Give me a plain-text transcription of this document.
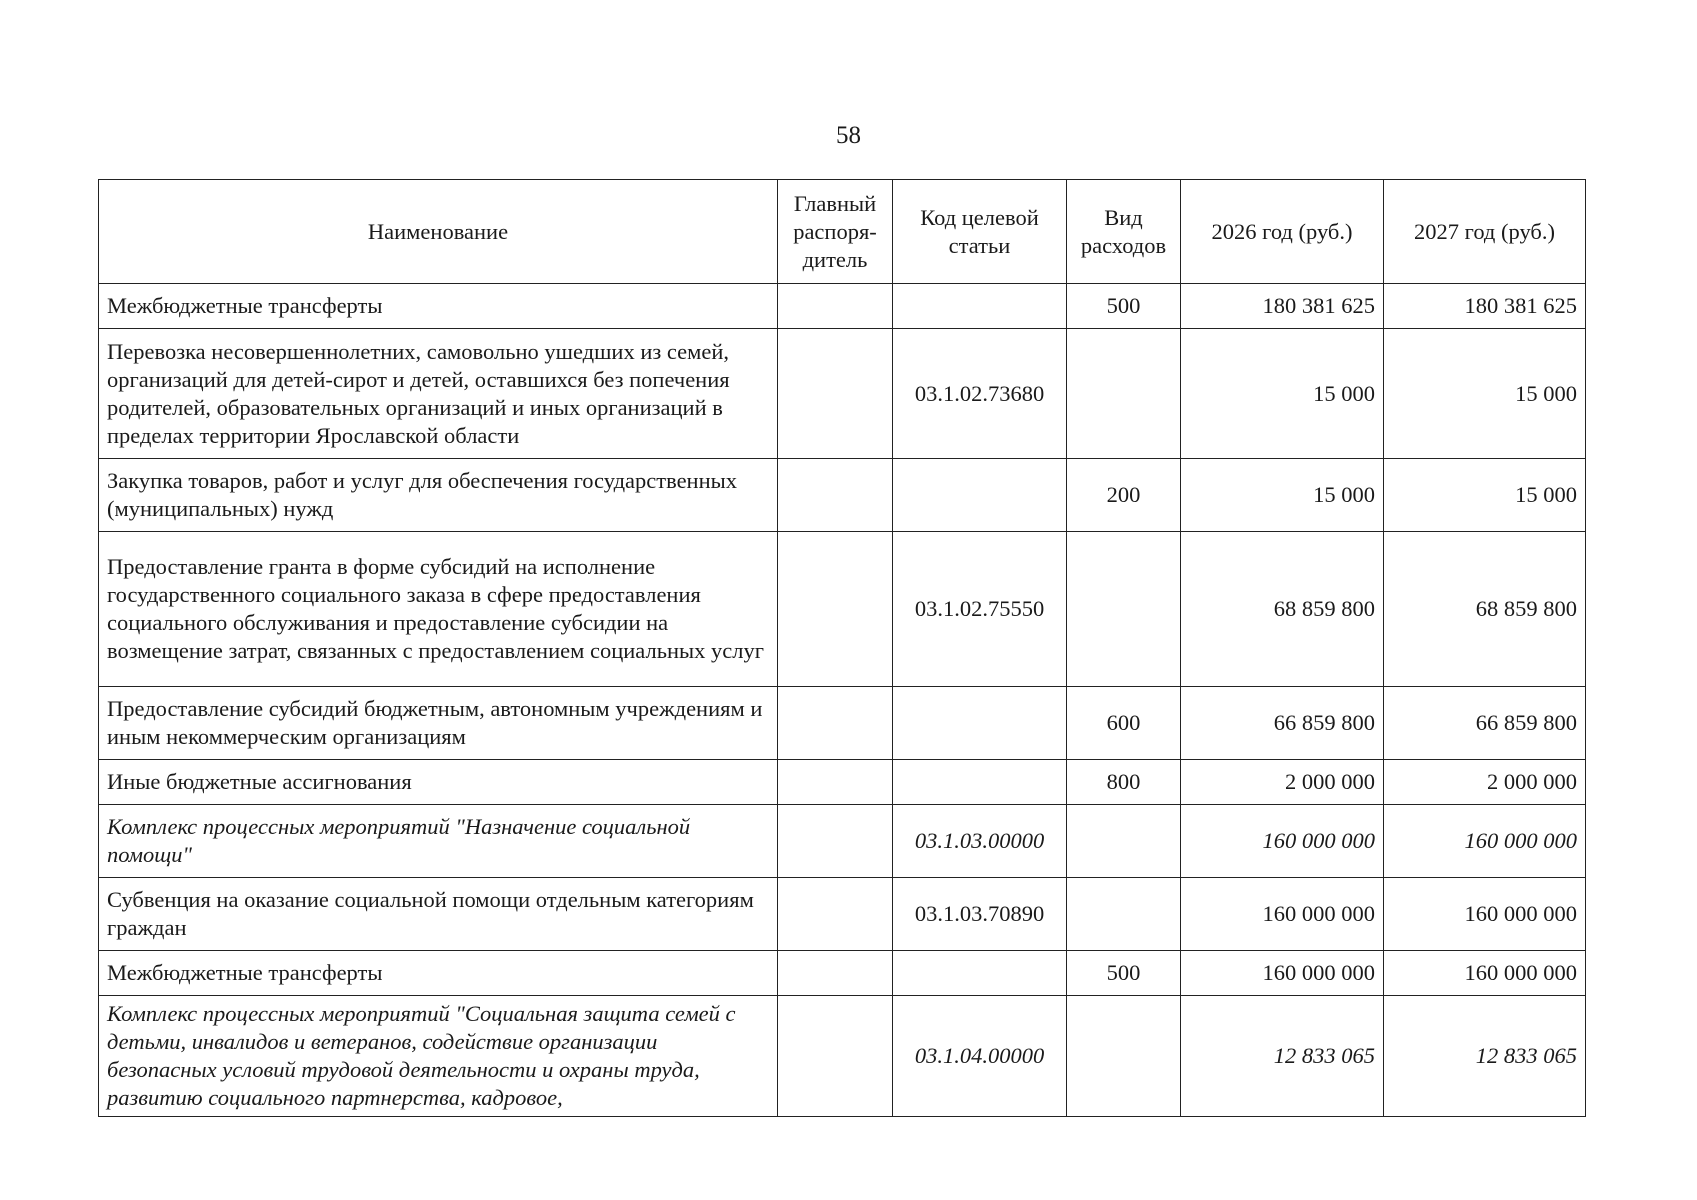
58
Наименование	Главный распоря-дитель	Код целевой статьи	Вид расходов	2026 год (руб.)	2027 год (руб.)
Межбюджетные трансферты			500	180 381 625	180 381 625
Перевозка несовершеннолетних, самовольно ушедших из семей, организаций для детей-сирот и детей, оставшихся без попечения родителей, образовательных организаций и иных организаций в пределах территории Ярославской области		03.1.02.73680		15 000	15 000
Закупка товаров, работ и услуг для обеспечения государственных (муниципальных) нужд			200	15 000	15 000
Предоставление гранта в форме субсидий на исполнение государственного социального заказа в сфере предоставления социального обслуживания и предоставление субсидии на возмещение затрат, связанных с предоставлением социальных услуг		03.1.02.75550		68 859 800	68 859 800
Предоставление субсидий бюджетным, автономным учреждениям и иным некоммерческим организациям			600	66 859 800	66 859 800
Иные бюджетные ассигнования			800	2 000 000	2 000 000
Комплекс процессных мероприятий "Назначение социальной помощи"		03.1.03.00000		160 000 000	160 000 000
Субвенция на оказание социальной помощи отдельным категориям граждан		03.1.03.70890		160 000 000	160 000 000
Межбюджетные трансферты			500	160 000 000	160 000 000
Комплекс процессных мероприятий "Социальная защита семей с детьми, инвалидов и ветеранов, содействие организации безопасных условий трудовой деятельности и охраны труда, развитию социального партнерства, кадровое,		03.1.04.00000		12 833 065	12 833 065
